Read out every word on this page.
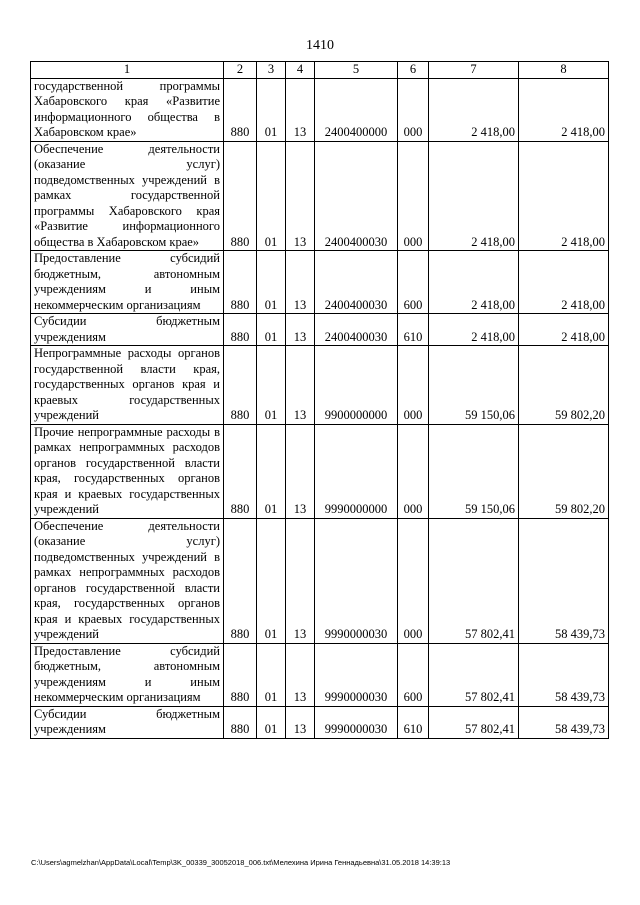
1410
1	2	3	4	5	6	7	8
государственной программы Хабаровского края «Развитие информационного общества в Хабаровском крае»	880	01	13	2400400000	000	2 418,00	2 418,00
Обеспечение деятельности (оказание услуг) подведомственных учреждений в рамках государственной программы Хабаровского края «Развитие информационного общества в Хабаровском крае»	880	01	13	2400400030	000	2 418,00	2 418,00
Предоставление субсидий бюджетным, автономным учреждениям и иным некоммерческим организациям	880	01	13	2400400030	600	2 418,00	2 418,00
Субсидии бюджетным учреждениям	880	01	13	2400400030	610	2 418,00	2 418,00
Непрограммные расходы органов государственной власти края, государственных органов края и краевых государственных учреждений	880	01	13	9900000000	000	59 150,06	59 802,20
Прочие непрограммные расходы в рамках непрограммных расходов органов государственной власти края, государственных органов края и краевых государственных учреждений	880	01	13	9990000000	000	59 150,06	59 802,20
Обеспечение деятельности (оказание услуг) подведомственных учреждений в рамках непрограммных расходов органов государственной власти края, государственных органов края и краевых государственных учреждений	880	01	13	9990000030	000	57 802,41	58 439,73
Предоставление субсидий бюджетным, автономным учреждениям и иным некоммерческим организациям	880	01	13	9990000030	600	57 802,41	58 439,73
Субсидии бюджетным учреждениям	880	01	13	9990000030	610	57 802,41	58 439,73
C:\Users\agmelzhan\AppData\Local\Temp\3K_00339_30052018_006.txt\Мелехина Ирина Геннадьевна\31.05.2018 14:39:13
